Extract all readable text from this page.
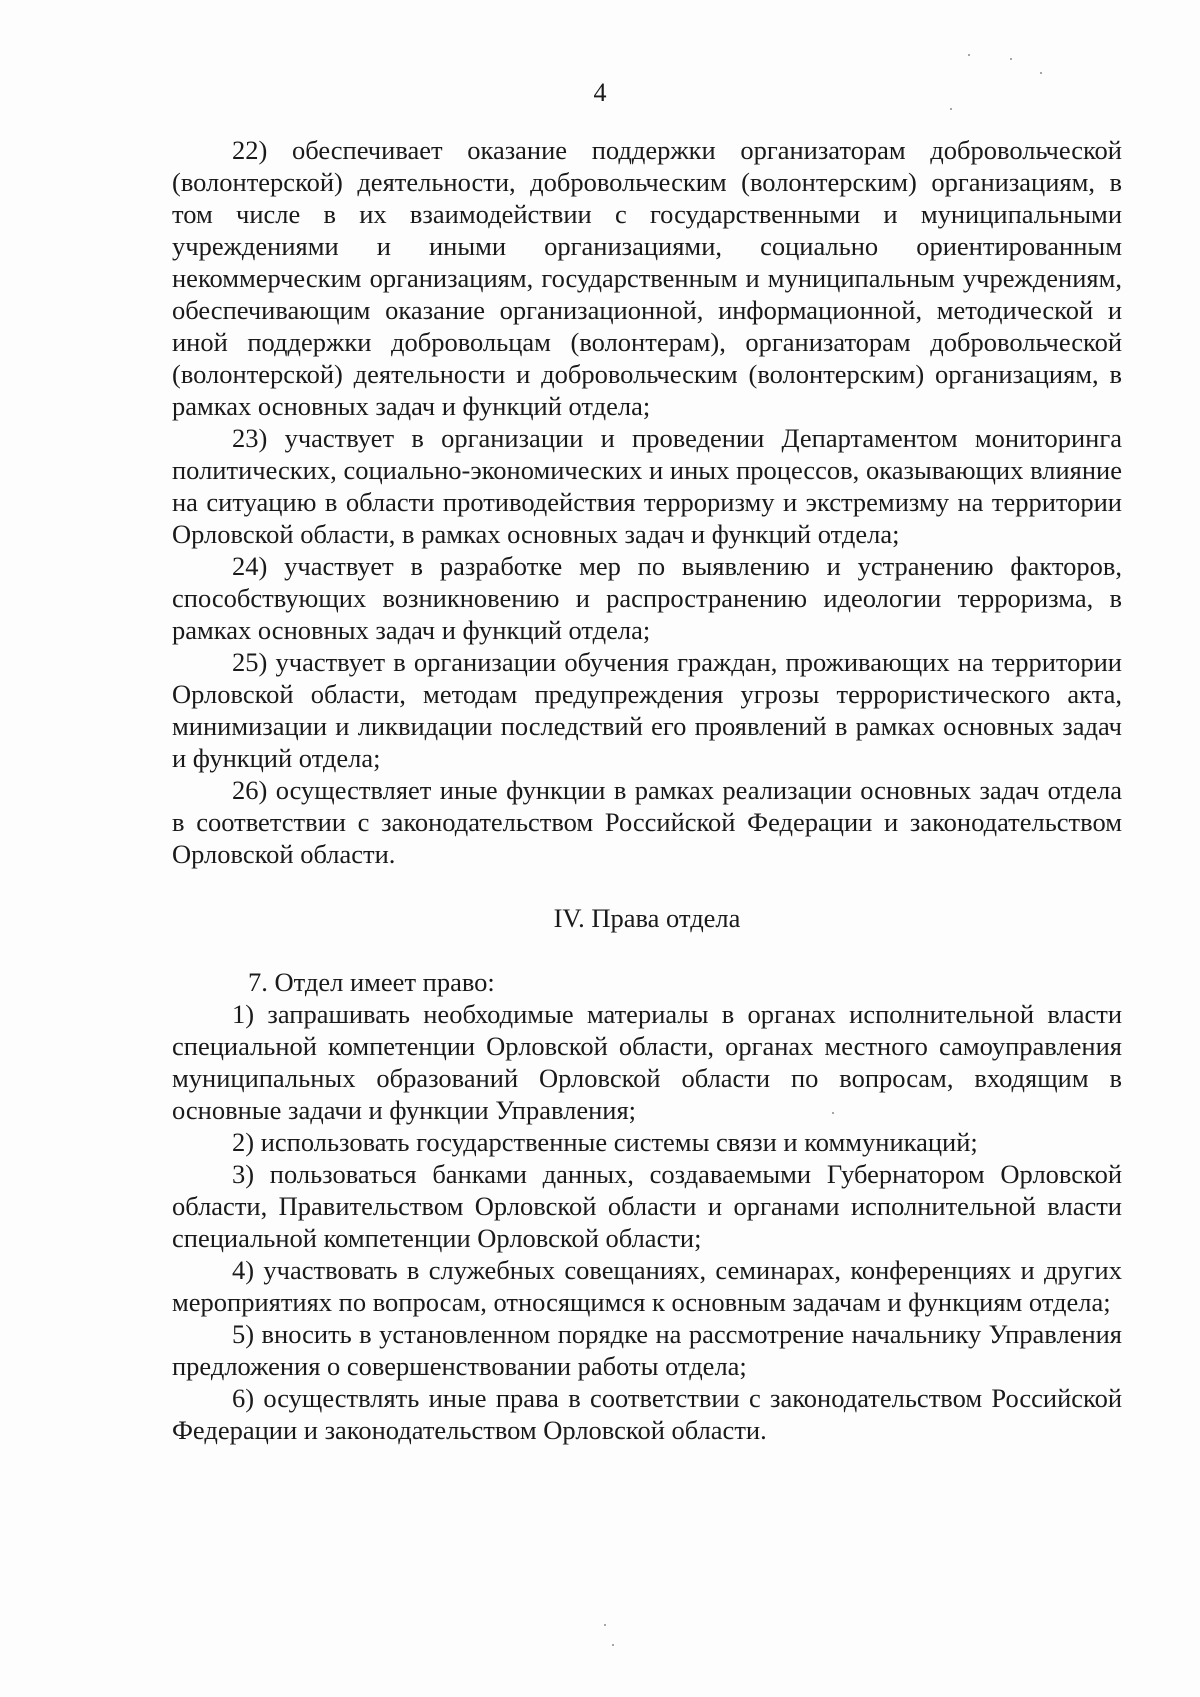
4

22) обеспечивает оказание поддержки организаторам добровольческой (волонтерской) деятельности, добровольческим (волонтерским) организациям, в том числе в их взаимодействии с государственными и муниципальными учреждениями и иными организациями, социально ориентированным некоммерческим организациям, государственным и муниципальным учреждениям, обеспечивающим оказание организационной, информационной, методической и иной поддержки добровольцам (волонтерам), организаторам добровольческой (волонтерской) деятельности и добровольческим (волонтерским) организациям, в рамках основных задач и функций отдела;

23) участвует в организации и проведении Департаментом мониторинга политических, социально-экономических и иных процессов, оказывающих влияние на ситуацию в области противодействия терроризму и экстремизму на территории Орловской области, в рамках основных задач и функций отдела;

24) участвует в разработке мер по выявлению и устранению факторов, способствующих возникновению и распространению идеологии терроризма, в рамках основных задач и функций отдела;

25) участвует в организации обучения граждан, проживающих на территории Орловской области, методам предупреждения угрозы террористического акта, минимизации и ликвидации последствий его проявлений в рамках основных задач и функций отдела;

26) осуществляет иные функции в рамках реализации основных задач отдела в соответствии с законодательством Российской Федерации и законодательством Орловской области.

IV. Права отдела

7. Отдел имеет право:

1) запрашивать необходимые материалы в органах исполнительной власти специальной компетенции Орловской области, органах местного самоуправления муниципальных образований Орловской области по вопросам, входящим в основные задачи и функции Управления;

2) использовать государственные системы связи и коммуникаций;

3) пользоваться банками данных, создаваемыми Губернатором Орловской области, Правительством Орловской области и органами исполнительной власти специальной компетенции Орловской области;

4) участвовать в служебных совещаниях, семинарах, конференциях и других мероприятиях по вопросам, относящимся к основным задачам и функциям отдела;

5) вносить в установленном порядке на рассмотрение начальнику Управления предложения о совершенствовании работы отдела;

6) осуществлять иные права в соответствии с законодательством Российской Федерации и законодательством Орловской области.
